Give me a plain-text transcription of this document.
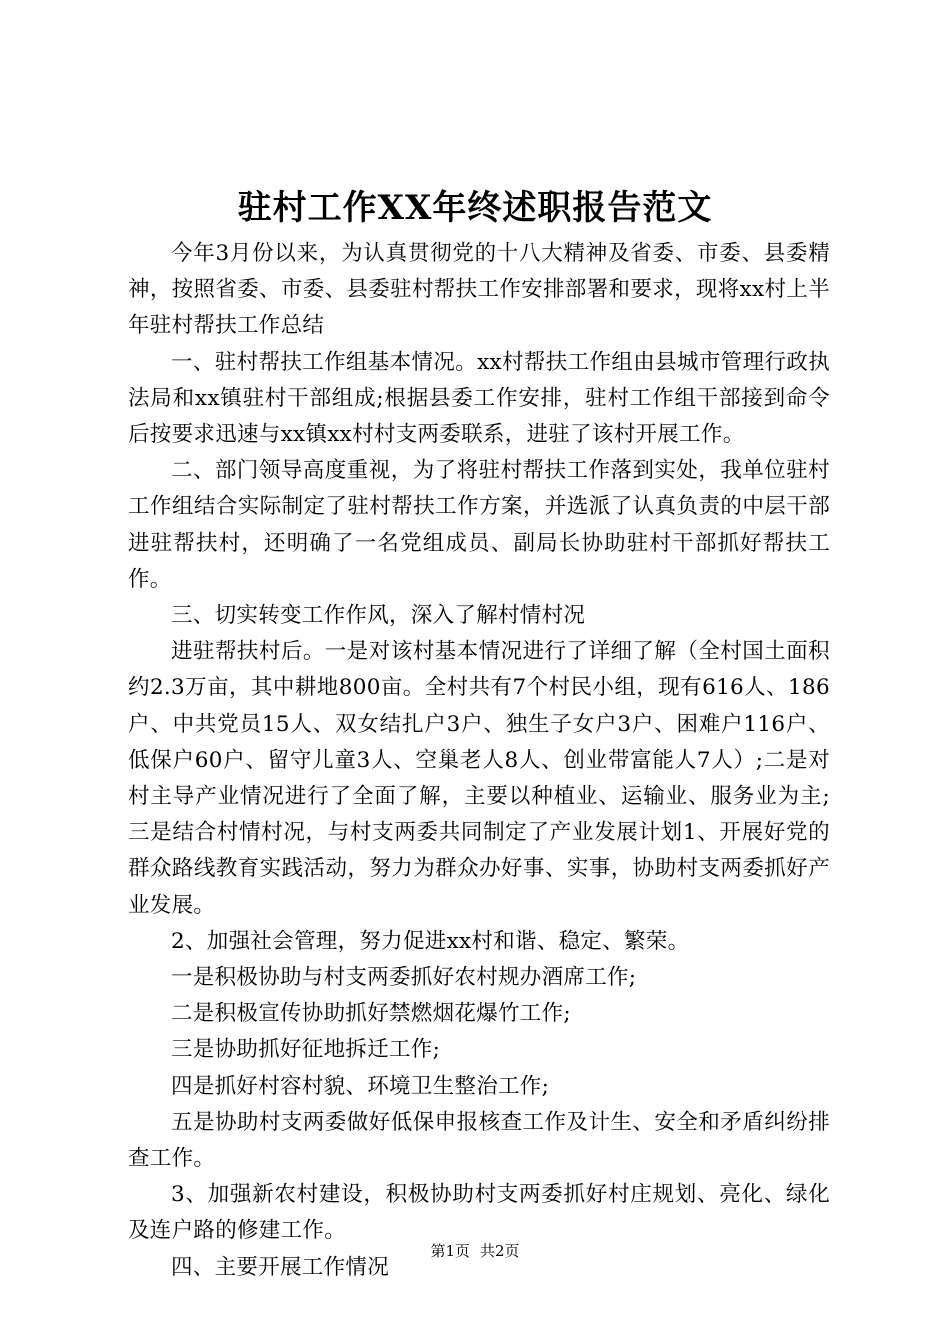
驻村工作XX年终述职报告范文

今年3月份以来，为认真贯彻党的十八大精神及省委、市委、县委精神，按照省委、市委、县委驻村帮扶工作安排部署和要求，现将xx村上半年驻村帮扶工作总结

一、驻村帮扶工作组基本情况。xx村帮扶工作组由县城市管理行政执法局和xx镇驻村干部组成;根据县委工作安排，驻村工作组干部接到命令后按要求迅速与xx镇xx村村支两委联系，进驻了该村开展工作。

二、部门领导高度重视，为了将驻村帮扶工作落到实处，我单位驻村工作组结合实际制定了驻村帮扶工作方案，并选派了认真负责的中层干部进驻帮扶村，还明确了一名党组成员、副局长协助驻村干部抓好帮扶工作。

三、切实转变工作作风，深入了解村情村况

进驻帮扶村后。一是对该村基本情况进行了详细了解（全村国土面积约2.3万亩，其中耕地800亩。全村共有7个村民小组，现有616人、186户、中共党员15人、双女结扎户3户、独生子女户3户、困难户116户、低保户60户、留守儿童3人、空巢老人8人、创业带富能人7人）;二是对村主导产业情况进行了全面了解，主要以种植业、运输业、服务业为主;三是结合村情村况，与村支两委共同制定了产业发展计划1、开展好党的群众路线教育实践活动，努力为群众办好事、实事，协助村支两委抓好产业发展。

2、加强社会管理，努力促进xx村和谐、稳定、繁荣。

一是积极协助与村支两委抓好农村规办酒席工作;

二是积极宣传协助抓好禁燃烟花爆竹工作;

三是协助抓好征地拆迁工作;

四是抓好村容村貌、环境卫生整治工作;

五是协助村支两委做好低保申报核查工作及计生、安全和矛盾纠纷排查工作。

3、加强新农村建设，积极协助村支两委抓好村庄规划、亮化、绿化及连户路的修建工作。

四、主要开展工作情况

第1页 共2页
